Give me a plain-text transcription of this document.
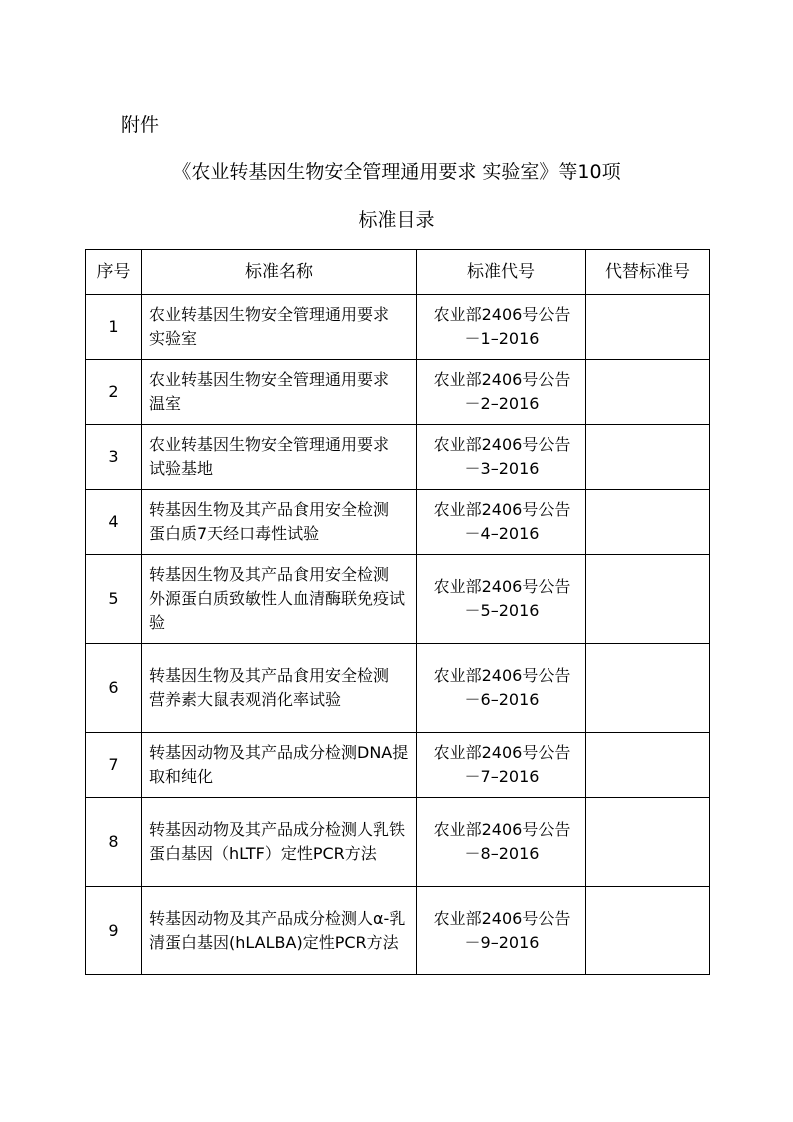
附件
《农业转基因生物安全管理通用要求 实验室》等10项
标准目录
序号	标准名称	标准代号	代替标准号
1	农业转基因生物安全管理通用要求 实验室	农业部2406号公告－1–2016	
2	农业转基因生物安全管理通用要求 温室	农业部2406号公告－2–2016	
3	农业转基因生物安全管理通用要求 试验基地	农业部2406号公告－3–2016	
4	转基因生物及其产品食用安全检测 蛋白质7天经口毒性试验	农业部2406号公告－4–2016	
5	转基因生物及其产品食用安全检测 外源蛋白质致敏性人血清酶联免疫试验	农业部2406号公告－5–2016	
6	转基因生物及其产品食用安全检测 营养素大鼠表观消化率试验	农业部2406号公告－6–2016	
7	转基因动物及其产品成分检测DNA提取和纯化	农业部2406号公告－7–2016	
8	转基因动物及其产品成分检测人乳铁蛋白基因（hLTF）定性PCR方法	农业部2406号公告－8–2016	
9	转基因动物及其产品成分检测人α-乳清蛋白基因(hLALBA)定性PCR方法	农业部2406号公告－9–2016	
